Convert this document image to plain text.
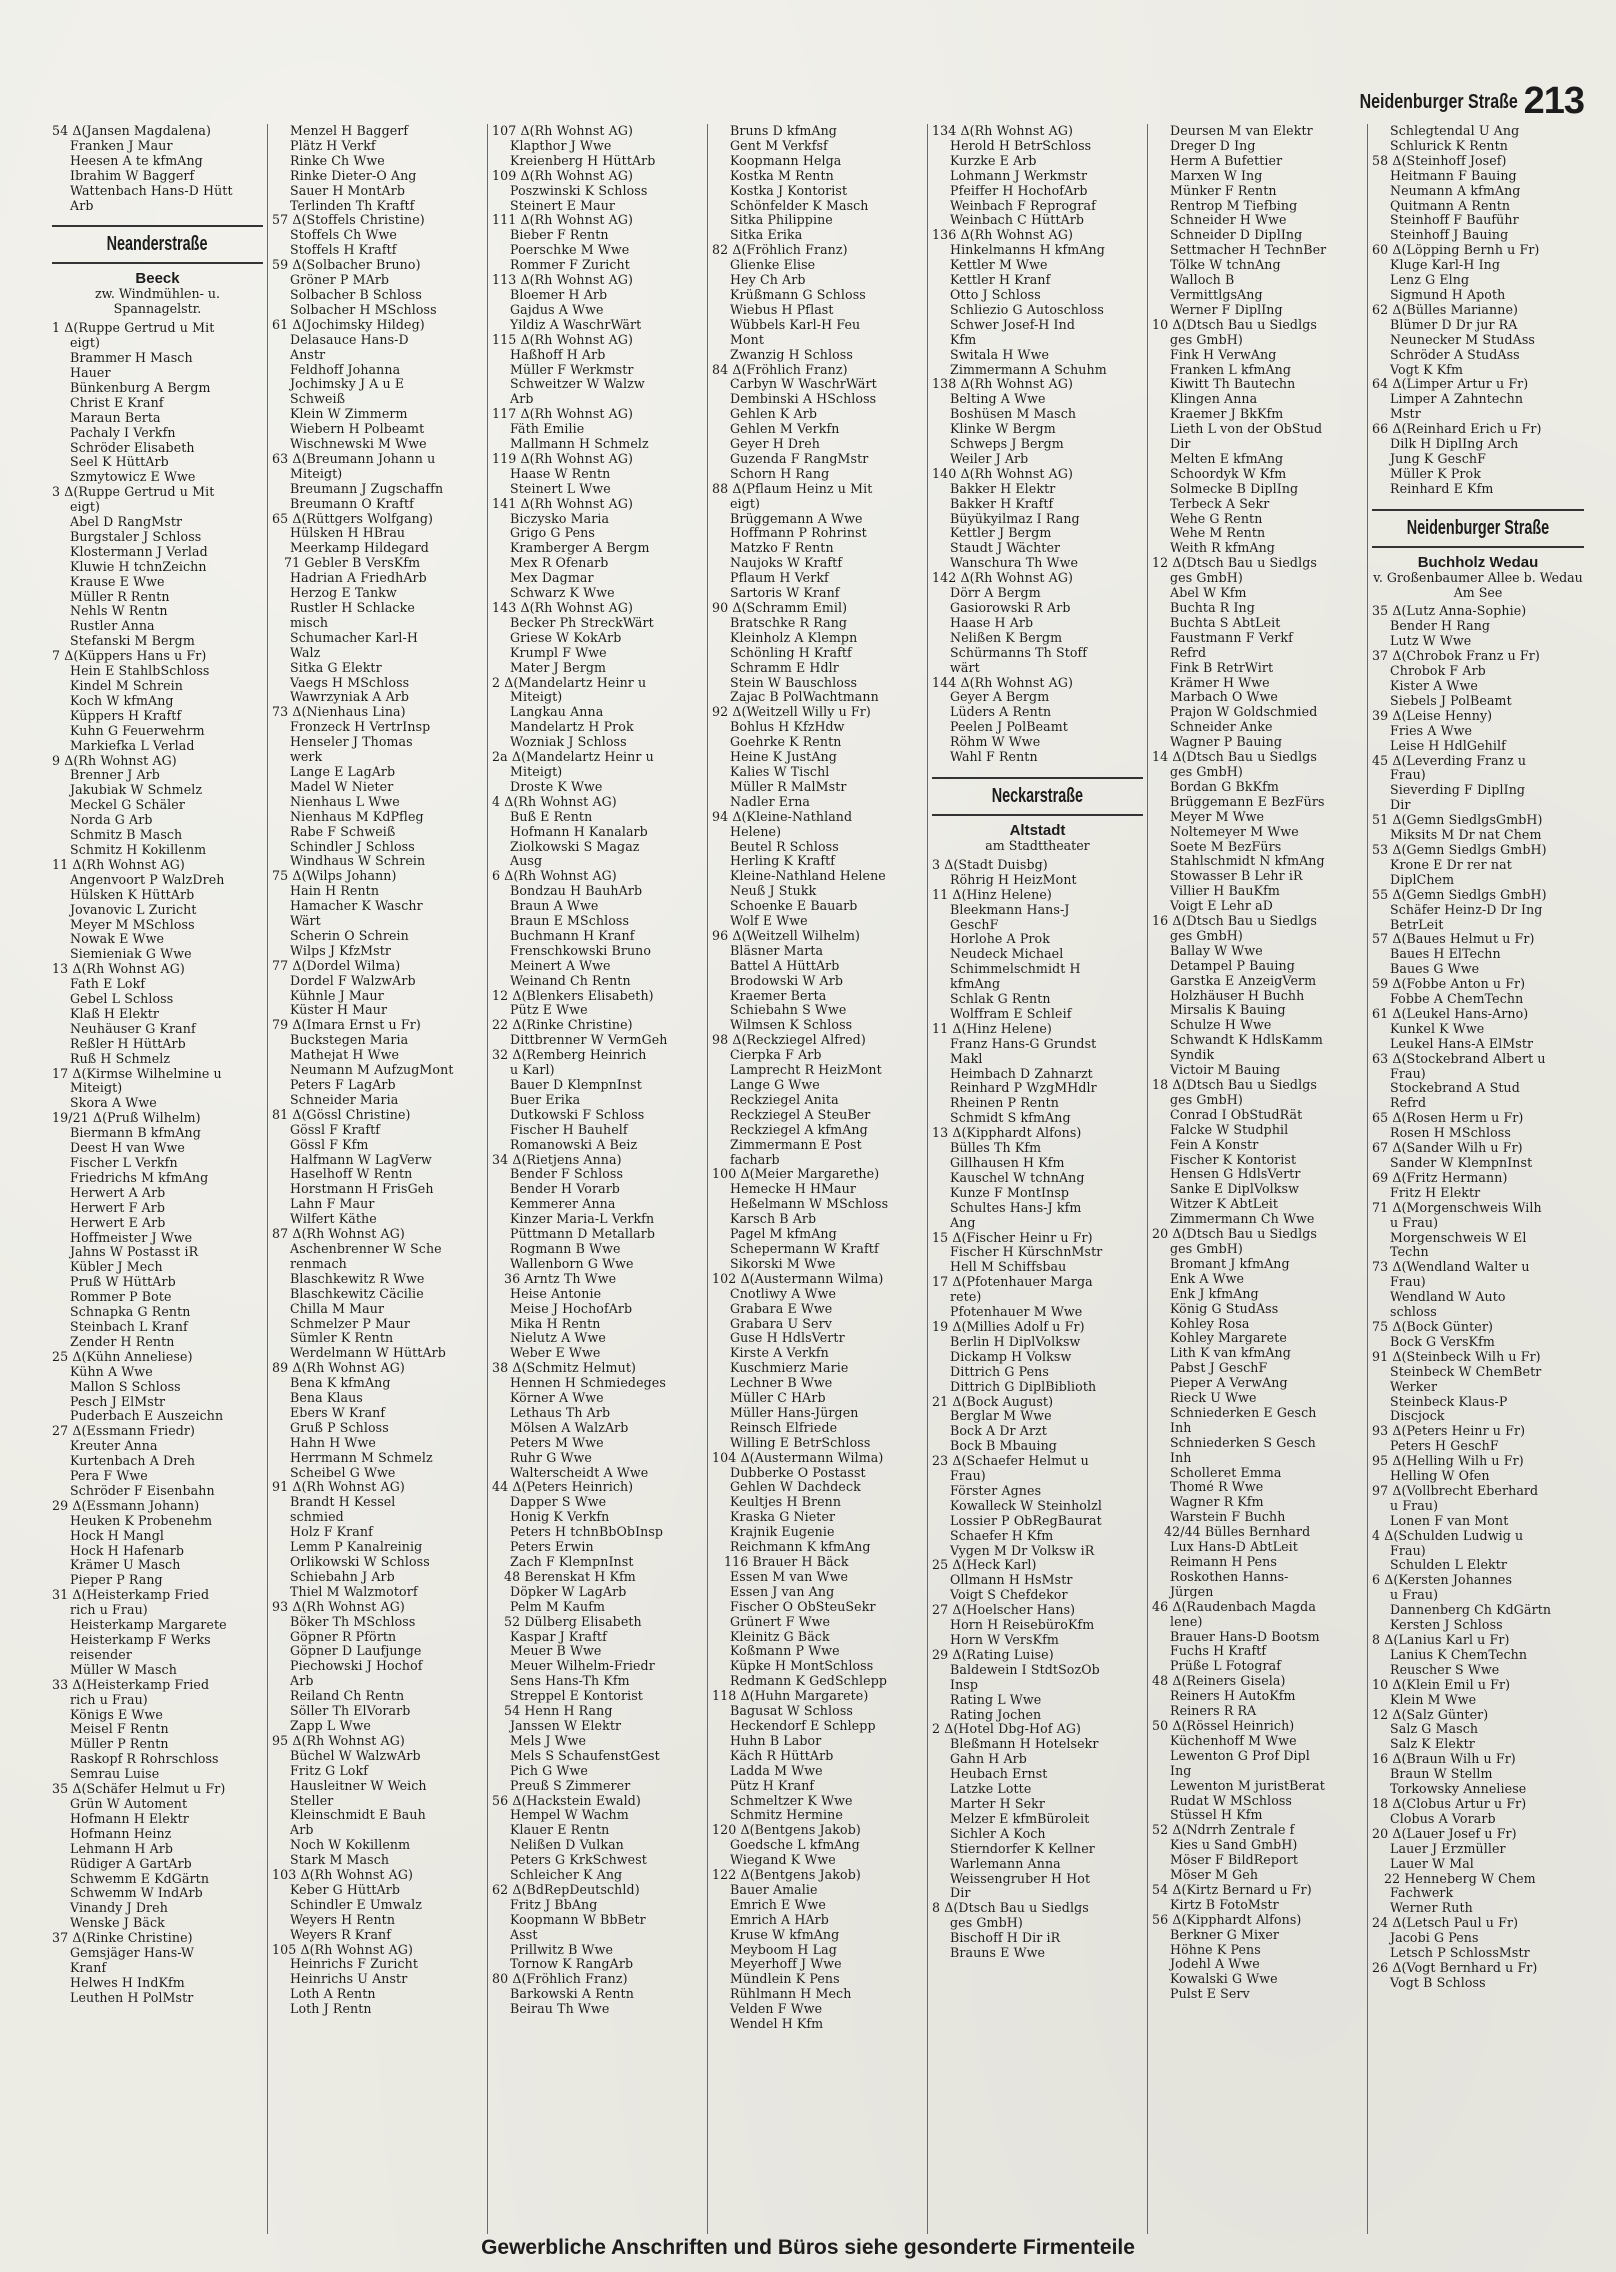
Neidenburger Straße 213
54 Δ(Jansen Magdalena)
Franken J Maur
Heesen A te kfmAng
Ibrahim W Baggerf
Wattenbach Hans-D Hütt
Arb
Neanderstraße
Beeck
zw. Windmühlen- u. Spannagelstr.
1 Δ(Ruppe Gertrud u Mit
eigt)
Brammer H Masch
Hauer
Bünkenburg A Bergm
Christ E Kranf
Maraun Berta
Pachaly I Verkfn
Schröder Elisabeth
Seel K HüttArb
Szmytowicz E Wwe
3 Δ(Ruppe Gertrud u Mit
eigt)
Abel D RangMstr
Burgstaler J Schloss
Klostermann J Verlad
Kluwie H tchnZeichn
Krause E Wwe
Müller R Rentn
Nehls W Rentn
Rustler Anna
Stefanski M Bergm
7 Δ(Küppers Hans u Fr)
Hein E StahlbSchloss
Kindel M Schrein
Koch W kfmAng
Küppers H Kraftf
Kuhn G Feuerwehrm
Markiefka L Verlad
9 Δ(Rh Wohnst AG)
Brenner J Arb
Jakubiak W Schmelz
Meckel G Schäler
Norda G Arb
Schmitz B Masch
Schmitz H Kokillenm
11 Δ(Rh Wohnst AG)
Angenvoort P WalzDreh
Hülsken K HüttArb
Jovanovic L Zuricht
Meyer M MSchloss
Nowak E Wwe
Siemieniak G Wwe
13 Δ(Rh Wohnst AG)
Fath E Lokf
Gebel L Schloss
Klaß H Elektr
Neuhäuser G Kranf
Reßler H HüttArb
Ruß H Schmelz
17 Δ(Kirmse Wilhelmine u
Miteigt)
Skora A Wwe
19/21 Δ(Pruß Wilhelm)
Biermann B kfmAng
Deest H van Wwe
Fischer L Verkfn
Friedrichs M kfmAng
Herwert A Arb
Herwert F Arb
Herwert E Arb
Hoffmeister J Wwe
Jahns W Postasst iR
Kübler J Mech
Pruß W HüttArb
Rommer P Bote
Schnapka G Rentn
Steinbach L Kranf
Zender H Rentn
25 Δ(Kühn Anneliese)
Kühn A Wwe
Mallon S Schloss
Pesch J ElMstr
Puderbach E Auszeichn
27 Δ(Essmann Friedr)
Kreuter Anna
Kurtenbach A Dreh
Pera F Wwe
Schröder F Eisenbahn
29 Δ(Essmann Johann)
Heuken K Probenehm
Hock H Mangl
Hock H Hafenarb
Krämer U Masch
Pieper P Rang
31 Δ(Heisterkamp Fried
rich u Frau)
Heisterkamp Margarete
Heisterkamp F Werks
reisender
Müller W Masch
33 Δ(Heisterkamp Fried
rich u Frau)
Königs E Wwe
Meisel F Rentn
Müller P Rentn
Raskopf R Rohrschloss
Semrau Luise
35 Δ(Schäfer Helmut u Fr)
Grün W Automent
Hofmann H Elektr
Hofmann Heinz
Lehmann H Arb
Rüdiger A GartArb
Schwemm E KdGärtn
Schwemm W IndArb
Vinandy J Dreh
Wenske J Bäck
37 Δ(Rinke Christine)
Gemsjäger Hans-W
Kranf
Helwes H IndKfm
Leuthen H PolMstr
Menzel H Baggerf
Plätz H Verkf
Rinke Ch Wwe
Rinke Dieter-O Ang
Sauer H MontArb
Terlinden Th Kraftf
57 Δ(Stoffels Christine)
Stoffels Ch Wwe
Stoffels H Kraftf
59 Δ(Solbacher Bruno)
Gröner P MArb
Solbacher B Schloss
Solbacher H MSchloss
61 Δ(Jochimsky Hildeg)
Delasauce Hans-D
Anstr
Feldhoff Johanna
Jochimsky J A u E
Schweiß
Klein W Zimmerm
Wiebern H Polbeamt
Wischnewski M Wwe
63 Δ(Breumann Johann u
Miteigt)
Breumann J Zugschaffn
Breumann O Kraftf
65 Δ(Rüttgers Wolfgang)
Hülsken H HBrau
Meerkamp Hildegard
71 Gebler B VersKfm
Hadrian A FriedhArb
Herzog E Tankw
Rustler H Schlacke
misch
Schumacher Karl-H
Walz
Sitka G Elektr
Vaegs H MSchloss
Wawrzyniak A Arb
73 Δ(Nienhaus Lina)
Fronzeck H VertrInsp
Henseler J Thomas
werk
Lange E LagArb
Madel W Nieter
Nienhaus L Wwe
Nienhaus M KdPfleg
Rabe F Schweiß
Schindler J Schloss
Windhaus W Schrein
75 Δ(Wilps Johann)
Hain H Rentn
Hamacher K Waschr
Wärt
Scherin O Schrein
Wilps J KfzMstr
77 Δ(Dordel Wilma)
Dordel F WalzwArb
Kühnle J Maur
Küster H Maur
79 Δ(Imara Ernst u Fr)
Buckstegen Maria
Mathejat H Wwe
Neumann M AufzugMont
Peters F LagArb
Schneider Maria
81 Δ(Gössl Christine)
Gössl F Kraftf
Gössl F Kfm
Halfmann W LagVerw
Haselhoff W Rentn
Horstmann H FrisGeh
Lahn F Maur
Wilfert Käthe
87 Δ(Rh Wohnst AG)
Aschenbrenner W Sche
renmach
Blaschkewitz R Wwe
Blaschkewitz Cäcilie
Chilla M Maur
Schmelzer P Maur
Sümler K Rentn
Werdelmann W HüttArb
89 Δ(Rh Wohnst AG)
Bena K kfmAng
Bena Klaus
Ebers W Kranf
Gruß P Schloss
Hahn H Wwe
Herrmann M Schmelz
Scheibel G Wwe
91 Δ(Rh Wohnst AG)
Brandt H Kessel
schmied
Holz F Kranf
Lemm P Kanalreinig
Orlikowski W Schloss
Schiebahn J Arb
Thiel M Walzmotorf
93 Δ(Rh Wohnst AG)
Böker Th MSchloss
Göpner R Pförtn
Göpner D Laufjunge
Piechowski J Hochof
Arb
Reiland Ch Rentn
Söller Th ElVorarb
Zapp L Wwe
95 Δ(Rh Wohnst AG)
Büchel W WalzwArb
Fritz G Lokf
Hausleitner W Weich
Steller
Kleinschmidt E Bauh
Arb
Noch W Kokillenm
Stark M Masch
103 Δ(Rh Wohnst AG)
Keber G HüttArb
Schindler E Umwalz
Weyers H Rentn
Weyers R Kranf
105 Δ(Rh Wohnst AG)
Heinrichs F Zuricht
Heinrichs U Anstr
Loth A Rentn
Loth J Rentn
107 Δ(Rh Wohnst AG)
Klapthor J Wwe
Kreienberg H HüttArb
109 Δ(Rh Wohnst AG)
Poszwinski K Schloss
Steinert E Maur
111 Δ(Rh Wohnst AG)
Bieber F Rentn
Poerschke M Wwe
Rommer F Zuricht
113 Δ(Rh Wohnst AG)
Bloemer H Arb
Gajdus A Wwe
Yildiz A WaschrWärt
115 Δ(Rh Wohnst AG)
Haßhoff H Arb
Müller F Werkmstr
Schweitzer W Walzw
Arb
117 Δ(Rh Wohnst AG)
Fäth Emilie
Mallmann H Schmelz
119 Δ(Rh Wohnst AG)
Haase W Rentn
Steinert L Wwe
141 Δ(Rh Wohnst AG)
Biczysko Maria
Grigo G Pens
Kramberger A Bergm
Mex R Ofenarb
Mex Dagmar
Schwarz K Wwe
143 Δ(Rh Wohnst AG)
Becker Ph StreckWärt
Griese W KokArb
Krumpl F Wwe
Mater J Bergm
2 Δ(Mandelartz Heinr u
Miteigt)
Langkau Anna
Mandelartz H Prok
Wozniak J Schloss
2a Δ(Mandelartz Heinr u
Miteigt)
Droste K Wwe
4 Δ(Rh Wohnst AG)
Buß E Rentn
Hofmann H Kanalarb
Ziolkowski S Magaz
Ausg
6 Δ(Rh Wohnst AG)
Bondzau H BauhArb
Braun A Wwe
Braun E MSchloss
Buchmann H Kranf
Frenschkowski Bruno
Meinert A Wwe
Weinand Ch Rentn
12 Δ(Blenkers Elisabeth)
Pütz E Wwe
22 Δ(Rinke Christine)
Dittbrenner W VermGeh
32 Δ(Remberg Heinrich
u Karl)
Bauer D KlempnInst
Buer Erika
Dutkowski F Schloss
Fischer H Bauhelf
Romanowski A Beiz
34 Δ(Rietjens Anna)
Bender F Schloss
Bender H Vorarb
Kemmerer Anna
Kinzer Maria-L Verkfn
Püttmann D Metallarb
Rogmann B Wwe
Wallenborn G Wwe
36 Arntz Th Wwe
Heise Antonie
Meise J HochofArb
Mika H Rentn
Nielutz A Wwe
Weber E Wwe
38 Δ(Schmitz Helmut)
Hennen H Schmiedeges
Körner A Wwe
Lethaus Th Arb
Mölsen A WalzArb
Peters M Wwe
Ruhr G Wwe
Walterscheidt A Wwe
44 Δ(Peters Heinrich)
Dapper S Wwe
Honig K Verkfn
Peters H tchnBbObInsp
Peters Erwin
Zach F KlempnInst
48 Berenskat H Kfm
Döpker W LagArb
Pelm M Kaufm
52 Dülberg Elisabeth
Kaspar J Kraftf
Meuer B Wwe
Meuer Wilhelm-Friedr
Sens Hans-Th Kfm
Streppel E Kontorist
54 Henn H Rang
Janssen W Elektr
Mels J Wwe
Mels S SchaufenstGest
Pich G Wwe
Preuß S Zimmerer
56 Δ(Hackstein Ewald)
Hempel W Wachm
Klauer E Rentn
Nelißen D Vulkan
Peters G KrkSchwest
Schleicher K Ang
62 Δ(BdRepDeutschld)
Fritz J BbAng
Koopmann W BbBetr
Asst
Prillwitz B Wwe
Tornow K RangArb
80 Δ(Fröhlich Franz)
Barkowski A Rentn
Beirau Th Wwe
Bruns D kfmAng
Gent M Verkfsf
Koopmann Helga
Kostka M Rentn
Kostka J Kontorist
Schönfelder K Masch
Sitka Philippine
Sitka Erika
82 Δ(Fröhlich Franz)
Glienke Elise
Hey Ch Arb
Krüßmann G Schloss
Wiebus H Pflast
Wübbels Karl-H Feu
Mont
Zwanzig H Schloss
84 Δ(Fröhlich Franz)
Carbyn W WaschrWärt
Dembinski A HSchloss
Gehlen K Arb
Gehlen M Verkfn
Geyer H Dreh
Guzenda F RangMstr
Schorn H Rang
88 Δ(Pflaum Heinz u Mit
eigt)
Brüggemann A Wwe
Hoffmann P Rohrinst
Matzko F Rentn
Naujoks W Kraftf
Pflaum H Verkf
Sartoris W Kranf
90 Δ(Schramm Emil)
Bratschke R Rang
Kleinholz A Klempn
Schönling H Kraftf
Schramm E Hdlr
Stein W Bauschloss
Zajac B PolWachtmann
92 Δ(Weitzell Willy u Fr)
Bohlus H KfzHdw
Goehrke K Rentn
Heine K JustAng
Kalies W Tischl
Müller R MalMstr
Nadler Erna
94 Δ(Kleine-Nathland
Helene)
Beutel R Schloss
Herling K Kraftf
Kleine-Nathland Helene
Neuß J Stukk
Schoenke E Bauarb
Wolf E Wwe
96 Δ(Weitzell Wilhelm)
Bläsner Marta
Battel A HüttArb
Brodowski W Arb
Kraemer Berta
Schiebahn S Wwe
Wilmsen K Schloss
98 Δ(Reckziegel Alfred)
Cierpka F Arb
Lamprecht R HeizMont
Lange G Wwe
Reckziegel Anita
Reckziegel A SteuBer
Reckziegel A kfmAng
Zimmermann E Post
facharb
100 Δ(Meier Margarethe)
Hemecke H HMaur
Heßelmann W MSchloss
Karsch B Arb
Pagel M kfmAng
Schepermann W Kraftf
Sikorski M Wwe
102 Δ(Austermann Wilma)
Cnotliwy A Wwe
Grabara E Wwe
Grabara U Serv
Guse H HdlsVertr
Kirste A Verkfn
Kuschmierz Marie
Lechner B Wwe
Müller C HArb
Müller Hans-Jürgen
Reinsch Elfriede
Willing E BetrSchloss
104 Δ(Austermann Wilma)
Dubberke O Postasst
Gehlen W Dachdeck
Keultjes H Brenn
Kraska G Nieter
Krajnik Eugenie
Reichmann K kfmAng
116 Brauer H Bäck
Essen M van Wwe
Essen J van Ang
Fischer O ObSteuSekr
Grünert F Wwe
Kleinitz G Bäck
Koßmann P Wwe
Küpke H MontSchloss
Redmann K GedSchlepp
118 Δ(Huhn Margarete)
Bagusat W Schloss
Heckendorf E Schlepp
Huhn B Labor
Käch R HüttArb
Ladda M Wwe
Pütz H Kranf
Schmeltzer K Wwe
Schmitz Hermine
120 Δ(Bentgens Jakob)
Goedsche L kfmAng
Wiegand K Wwe
122 Δ(Bentgens Jakob)
Bauer Amalie
Emrich E Wwe
Emrich A HArb
Kruse W kfmAng
Meyboom H Lag
Meyerhoff J Wwe
Mündlein K Pens
Rühlmann H Mech
Velden F Wwe
Wendel H Kfm
134 Δ(Rh Wohnst AG)
Herold H BetrSchloss
Kurzke E Arb
Lohmann J Werkmstr
Pfeiffer H HochofArb
Weinbach F Reprograf
Weinbach C HüttArb
136 Δ(Rh Wohnst AG)
Hinkelmanns H kfmAng
Kettler M Wwe
Kettler H Kranf
Otto J Schloss
Schliezio G Autoschloss
Schwer Josef-H Ind
Kfm
Switala H Wwe
Zimmermann A Schuhm
138 Δ(Rh Wohnst AG)
Belting A Wwe
Boshüsen M Masch
Klinke W Bergm
Schweps J Bergm
Weiler J Arb
140 Δ(Rh Wohnst AG)
Bakker H Elektr
Bakker H Kraftf
Büyükyilmaz I Rang
Kettler J Bergm
Staudt J Wächter
Wanschura Th Wwe
142 Δ(Rh Wohnst AG)
Dörr A Bergm
Gasiorowski R Arb
Haase H Arb
Nelißen K Bergm
Schürmanns Th Stoff
wärt
144 Δ(Rh Wohnst AG)
Geyer A Bergm
Lüders A Rentn
Peelen J PolBeamt
Röhm W Wwe
Wahl F Rentn
Neckarstraße
Altstadt
am Stadttheater
3 Δ(Stadt Duisbg)
Röhrig H HeizMont
11 Δ(Hinz Helene)
Bleekmann Hans-J
GeschF
Horlohe A Prok
Neudeck Michael
Schimmelschmidt H
kfmAng
Schlak G Rentn
Wolffram E Schleif
11 Δ(Hinz Helene)
Franz Hans-G Grundst
Makl
Heimbach D Zahnarzt
Reinhard P WzgMHdlr
Rheinen P Rentn
Schmidt S kfmAng
13 Δ(Kipphardt Alfons)
Bülles Th Kfm
Gillhausen H Kfm
Kauschel W tchnAng
Kunze F MontInsp
Schultes Hans-J kfm
Ang
15 Δ(Fischer Heinr u Fr)
Fischer H KürschnMstr
Hell M Schiffsbau
17 Δ(Pfotenhauer Marga
rete)
Pfotenhauer M Wwe
19 Δ(Millies Adolf u Fr)
Berlin H DiplVolksw
Dickamp H Volksw
Dittrich G Pens
Dittrich G DiplBiblioth
21 Δ(Bock August)
Berglar M Wwe
Bock A Dr Arzt
Bock B Mbauing
23 Δ(Schaefer Helmut u
Frau)
Förster Agnes
Kowalleck W Steinholzl
Lossier P ObRegBaurat
Schaefer H Kfm
Vygen M Dr Volksw iR
25 Δ(Heck Karl)
Ollmann H HsMstr
Voigt S Chefdekor
27 Δ(Hoelscher Hans)
Horn H ReisebüroKfm
Horn W VersKfm
29 Δ(Rating Luise)
Baldewein I StdtSozOb
Insp
Rating L Wwe
Rating Jochen
2 Δ(Hotel Dbg-Hof AG)
Bleßmann H Hotelsekr
Gahn H Arb
Heubach Ernst
Latzke Lotte
Marter H Sekr
Melzer E kfmBüroleit
Sichler A Koch
Stierndorfer K Kellner
Warlemann Anna
Weissengruber H Hot
Dir
8 Δ(Dtsch Bau u Siedlgs
ges GmbH)
Bischoff H Dir iR
Brauns E Wwe
Deursen M van Elektr
Dreger D Ing
Herm A Bufettier
Marxen W Ing
Münker F Rentn
Rentrop M Tiefbing
Schneider H Wwe
Schneider D DiplIng
Settmacher H TechnBer
Tölke W tchnAng
Walloch B
VermittlgsAng
Werner F DiplIng
10 Δ(Dtsch Bau u Siedlgs
ges GmbH)
Fink H VerwAng
Franken L kfmAng
Kiwitt Th Bautechn
Klingen Anna
Kraemer J BkKfm
Lieth L von der ObStud
Dir
Melten E kfmAng
Schoordyk W Kfm
Solmecke B DiplIng
Terbeck A Sekr
Wehe G Rentn
Wehe M Rentn
Weith R kfmAng
12 Δ(Dtsch Bau u Siedlgs
ges GmbH)
Abel W Kfm
Buchta R Ing
Buchta S AbtLeit
Faustmann F Verkf
Refrd
Fink B RetrWirt
Krämer H Wwe
Marbach O Wwe
Prajon W Goldschmied
Schneider Anke
Wagner P Bauing
14 Δ(Dtsch Bau u Siedlgs
ges GmbH)
Bordan G BkKfm
Brüggemann E BezFürs
Meyer M Wwe
Noltemeyer M Wwe
Soete M BezFürs
Stahlschmidt N kfmAng
Stowasser B Lehr iR
Villier H BauKfm
Voigt E Lehr aD
16 Δ(Dtsch Bau u Siedlgs
ges GmbH)
Ballay W Wwe
Detampel P Bauing
Garstka E AnzeigVerm
Holzhäuser H Buchh
Mirsalis K Bauing
Schulze H Wwe
Schwandt K HdlsKamm
Syndik
Victoir M Bauing
18 Δ(Dtsch Bau u Siedlgs
ges GmbH)
Conrad I ObStudRät
Falcke W Studphil
Fein A Konstr
Fischer K Kontorist
Hensen G HdlsVertr
Sanke E DiplVolksw
Witzer K AbtLeit
Zimmermann Ch Wwe
20 Δ(Dtsch Bau u Siedlgs
ges GmbH)
Bromant J kfmAng
Enk A Wwe
Enk J kfmAng
König G StudAss
Kohley Rosa
Kohley Margarete
Lith K van kfmAng
Pabst J GeschF
Pieper A VerwAng
Rieck U Wwe
Schniederken E Gesch
Inh
Schniederken S Gesch
Inh
Scholleret Emma
Thomé R Wwe
Wagner R Kfm
Warstein F Buchh
42/44 Bülles Bernhard
Lux Hans-D AbtLeit
Reimann H Pens
Roskothen Hanns-
Jürgen
46 Δ(Raudenbach Magda
lene)
Brauer Hans-D Bootsm
Fuchs H Kraftf
Prüße L Fotograf
48 Δ(Reiners Gisela)
Reiners H AutoKfm
Reiners R RA
50 Δ(Rössel Heinrich)
Küchenhoff M Wwe
Lewenton G Prof Dipl
Ing
Lewenton M juristBerat
Rudat W MSchloss
Stüssel H Kfm
52 Δ(Ndrrh Zentrale f
Kies u Sand GmbH)
Möser F BildReport
Möser M Geh
54 Δ(Kirtz Bernard u Fr)
Kirtz B FotoMstr
56 Δ(Kipphardt Alfons)
Berkner G Mixer
Höhne K Pens
Jodehl A Wwe
Kowalski G Wwe
Pulst E Serv
Schlegtendal U Ang
Schlurick K Rentn
58 Δ(Steinhoff Josef)
Heitmann F Bauing
Neumann A kfmAng
Quitmann A Rentn
Steinhoff F Bauführ
Steinhoff J Bauing
60 Δ(Löpping Bernh u Fr)
Kluge Karl-H Ing
Lenz G Elng
Sigmund H Apoth
62 Δ(Bülles Marianne)
Blümer D Dr jur RA
Neunecker M StudAss
Schröder A StudAss
Vogt K Kfm
64 Δ(Limper Artur u Fr)
Limper A Zahntechn
Mstr
66 Δ(Reinhard Erich u Fr)
Dilk H DiplIng Arch
Jung K GeschF
Müller K Prok
Reinhard E Kfm
Neidenburger Straße
Buchholz Wedau
v. Großenbaumer Allee b. Wedau Am See
35 Δ(Lutz Anna-Sophie)
Bender H Rang
Lutz W Wwe
37 Δ(Chrobok Franz u Fr)
Chrobok F Arb
Kister A Wwe
Siebels J PolBeamt
39 Δ(Leise Henny)
Fries A Wwe
Leise H HdlGehilf
45 Δ(Leverding Franz u
Frau)
Sieverding F DiplIng
Dir
51 Δ(Gemn SiedlgsGmbH)
Miksits M Dr nat Chem
53 Δ(Gemn Siedlgs GmbH)
Krone E Dr rer nat
DiplChem
55 Δ(Gemn Siedlgs GmbH)
Schäfer Heinz-D Dr Ing
BetrLeit
57 Δ(Baues Helmut u Fr)
Baues H ElTechn
Baues G Wwe
59 Δ(Fobbe Anton u Fr)
Fobbe A ChemTechn
61 Δ(Leukel Hans-Arno)
Kunkel K Wwe
Leukel Hans-A ElMstr
63 Δ(Stockebrand Albert u
Frau)
Stockebrand A Stud
Refrd
65 Δ(Rosen Herm u Fr)
Rosen H MSchloss
67 Δ(Sander Wilh u Fr)
Sander W KlempnInst
69 Δ(Fritz Hermann)
Fritz H Elektr
71 Δ(Morgenschweis Wilh
u Frau)
Morgenschweis W El
Techn
73 Δ(Wendland Walter u
Frau)
Wendland W Auto
schloss
75 Δ(Bock Günter)
Bock G VersKfm
91 Δ(Steinbeck Wilh u Fr)
Steinbeck W ChemBetr
Werker
Steinbeck Klaus-P
Discjock
93 Δ(Peters Heinr u Fr)
Peters H GeschF
95 Δ(Helling Wilh u Fr)
Helling W Ofen
97 Δ(Vollbrecht Eberhard
u Frau)
Lonen F van Mont
4 Δ(Schulden Ludwig u
Frau)
Schulden L Elektr
6 Δ(Kersten Johannes
u Frau)
Dannenberg Ch KdGärtn
Kersten J Schloss
8 Δ(Lanius Karl u Fr)
Lanius K ChemTechn
Reuscher S Wwe
10 Δ(Klein Emil u Fr)
Klein M Wwe
12 Δ(Salz Günter)
Salz G Masch
Salz K Elektr
16 Δ(Braun Wilh u Fr)
Braun W Stellm
Torkowsky Anneliese
18 Δ(Clobus Artur u Fr)
Clobus A Vorarb
20 Δ(Lauer Josef u Fr)
Lauer J Erzmüller
Lauer W Mal
22 Henneberg W Chem
Fachwerk
Werner Ruth
24 Δ(Letsch Paul u Fr)
Jacobi G Pens
Letsch P SchlossMstr
26 Δ(Vogt Bernhard u Fr)
Vogt B Schloss
Gewerbliche Anschriften und Büros siehe gesonderte Firmenteile
